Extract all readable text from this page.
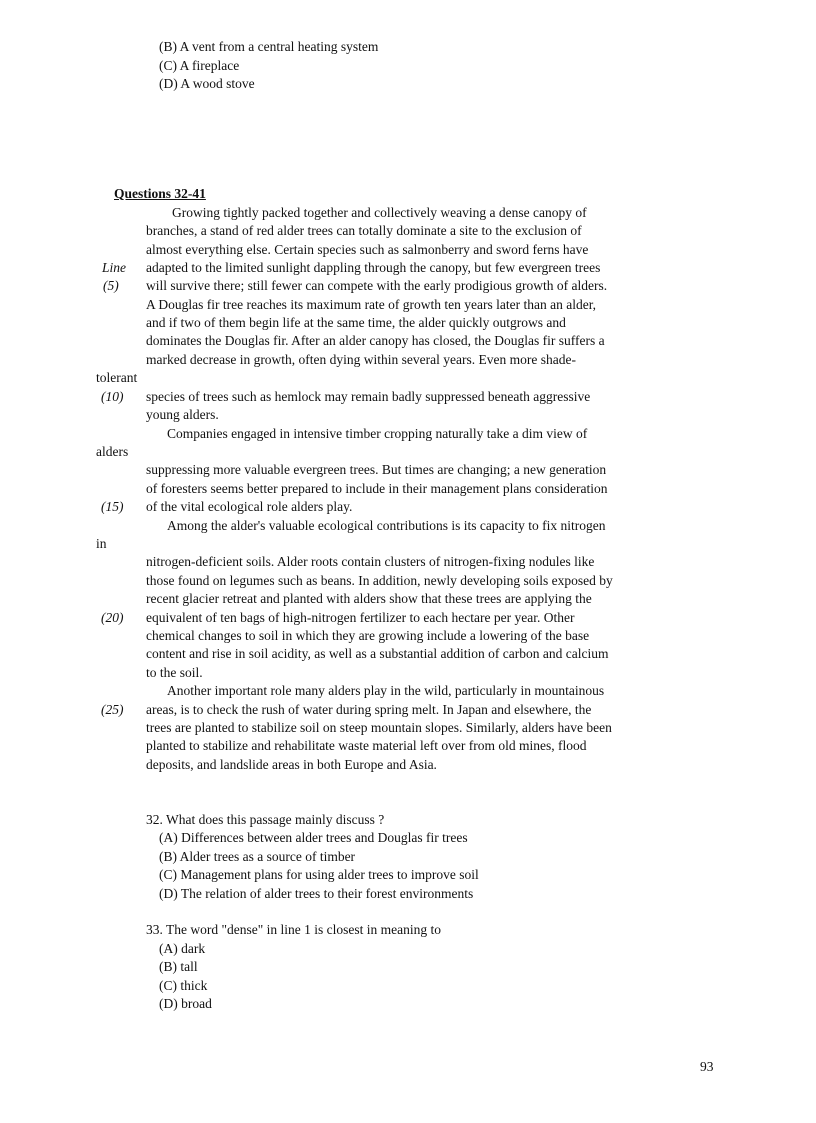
(B) A vent from a central heating system
(C) A fireplace
(D) A wood stove
Questions 32-41
Line
(5)
(10)
(15)
(20)
(25)
Growing tightly packed together and collectively weaving a dense canopy of
branches, a stand of red alder trees can totally dominate a site to the exclusion of
almost everything else. Certain species such as salmonberry and sword ferns have
adapted to the limited sunlight dappling through the canopy, but few evergreen trees
will survive there; still fewer can compete with the early prodigious growth of alders.
A Douglas fir tree reaches its maximum rate of growth ten years later than an alder,
and if two of them begin life at the same time, the alder quickly outgrows and
dominates the Douglas fir. After an alder canopy has closed, the Douglas fir suffers a
marked decrease in growth, often dying within several years. Even more shade-
tolerant
species of trees such as hemlock may remain badly suppressed beneath aggressive
young alders.
Companies engaged in intensive timber cropping naturally take a dim view of
alders
suppressing more valuable evergreen trees. But times are changing; a new generation
of foresters seems better prepared to include in their management plans consideration
of the vital ecological role alders play.
Among the alder's valuable ecological contributions is its capacity to fix nitrogen
in
nitrogen-deficient soils. Alder roots contain clusters of nitrogen-fixing nodules like
those found on legumes such as beans. In addition, newly developing soils exposed by
recent glacier retreat and planted with alders show that these trees are applying the
equivalent of ten bags of high-nitrogen fertilizer to each hectare per year. Other
chemical changes to soil in which they are growing include a lowering of the base
content and rise in soil acidity, as well as a substantial addition of carbon and calcium
to the soil.
Another important role many alders play in the wild, particularly in mountainous
areas, is to check the rush of water during spring melt. In Japan and elsewhere, the
trees are planted to stabilize soil on steep mountain slopes. Similarly, alders have been
planted to stabilize and rehabilitate waste material left over from old mines, flood
deposits, and landslide areas in both Europe and Asia.
32. What does this passage mainly discuss ?
(A) Differences between alder trees and Douglas fir trees
(B) Alder trees as a source of timber
(C) Management plans for using alder trees to improve soil
(D) The relation of alder trees to their forest environments
33. The word "dense" in line 1 is closest in meaning to
(A) dark
(B) tall
(C) thick
(D) broad
93
